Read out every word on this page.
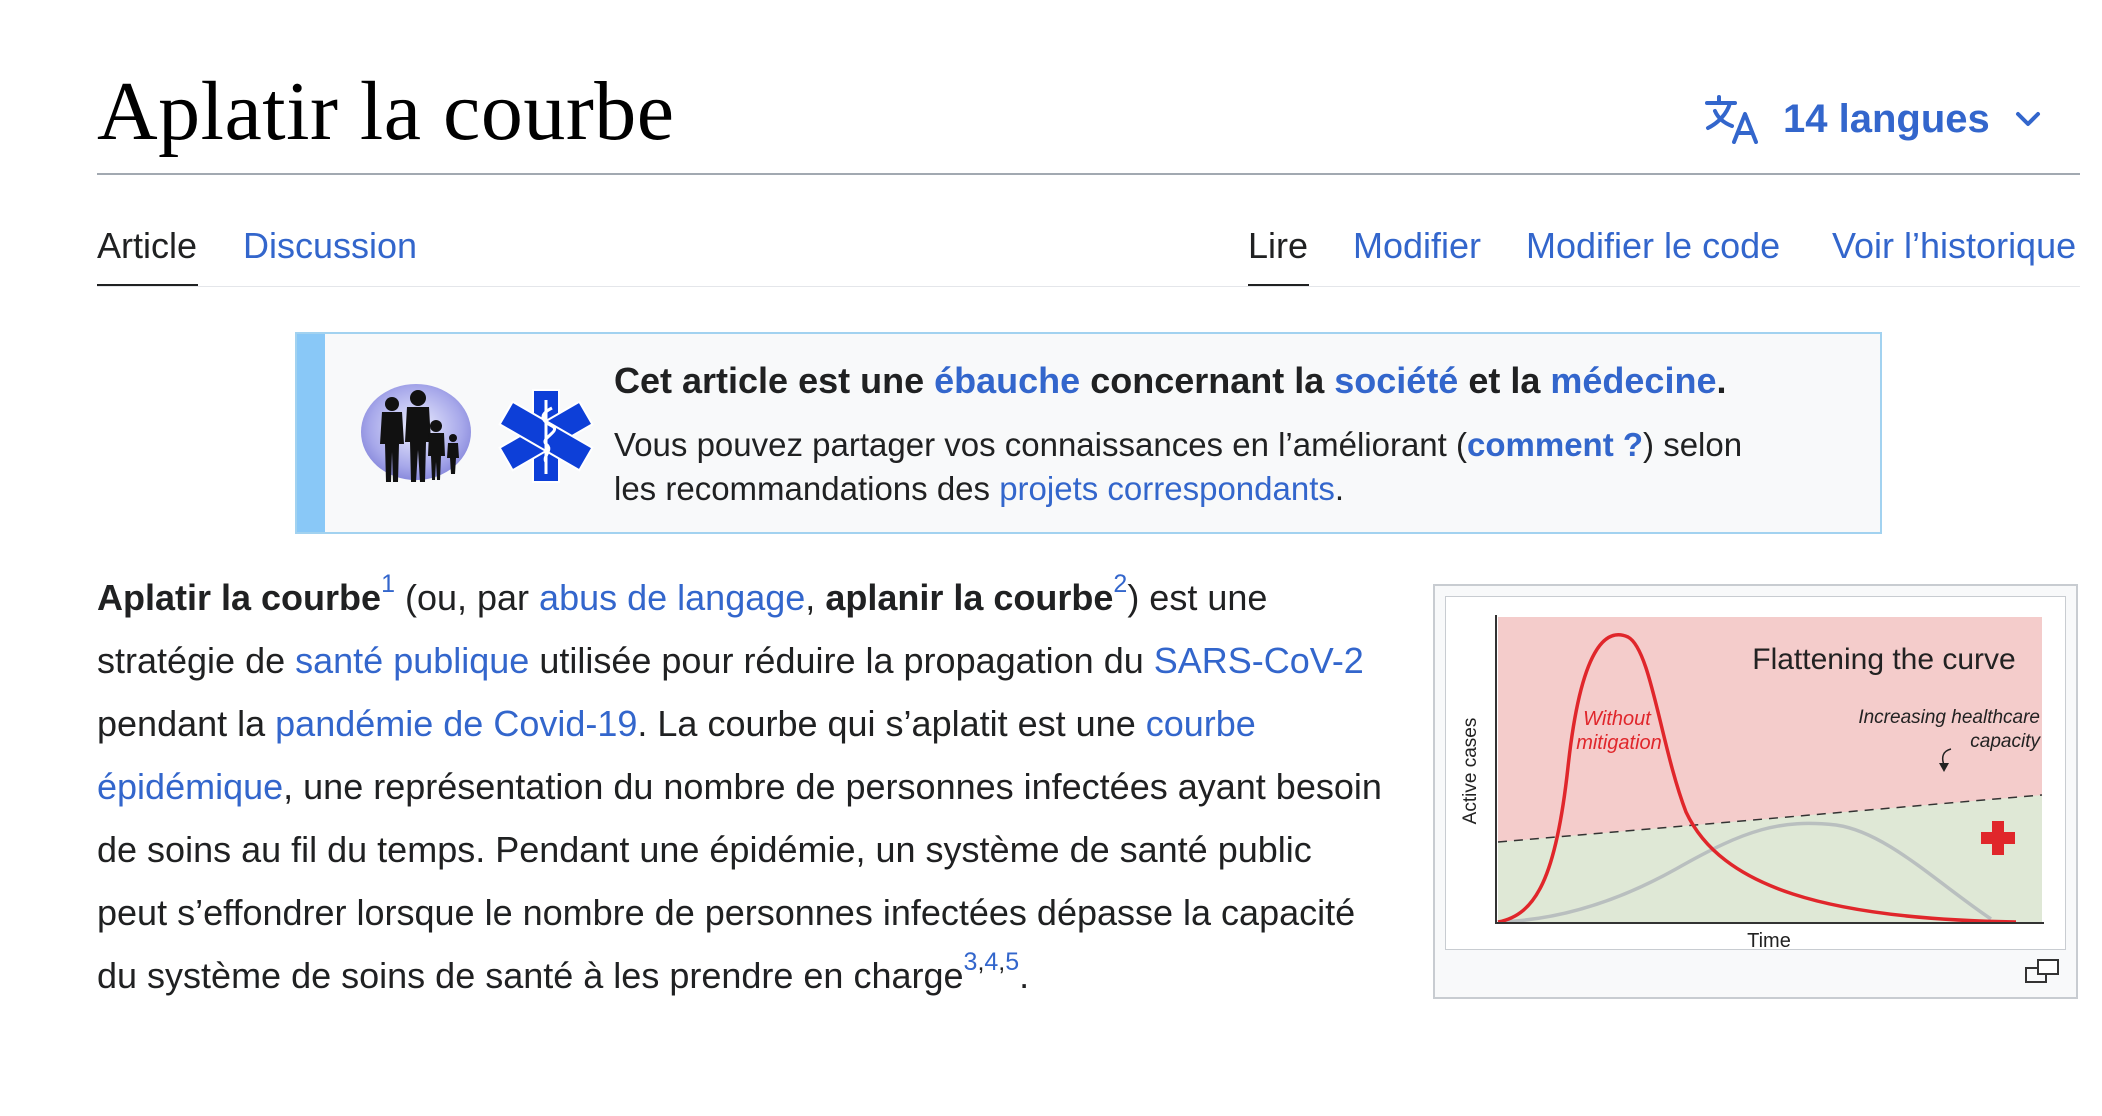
Aplatir la courbe	14 langues
Article Discussion	Lire Modifier Modifier le code Voir l’historique
Cet article est une ébauche concernant la société et la médecine.
Vous pouvez partager vos connaissances en l’améliorant (comment ?) selon
les recommandations des projets correspondants.

Aplatir la courbe$^1$ (ou, par abus de langage, aplanir la courbe$^2$) est une stratégie de santé publique utilisée pour réduire la propagation du SARS-CoV-2 pendant la pandémie de Covid-19. La courbe qui s’aplatit est une courbe épidémique, une représentation du nombre de personnes infectées ayant besoin de soins au fil du temps. Pendant une épidémie, un système de santé public peut s’effondrer lorsque le nombre de personnes infectées dépasse la capacité du système de soins de santé à les prendre en charge$^{3,4,5}$.

Flattening the curve
Without
mitigation
Increasing healthcare
capacity
Active cases
Time
